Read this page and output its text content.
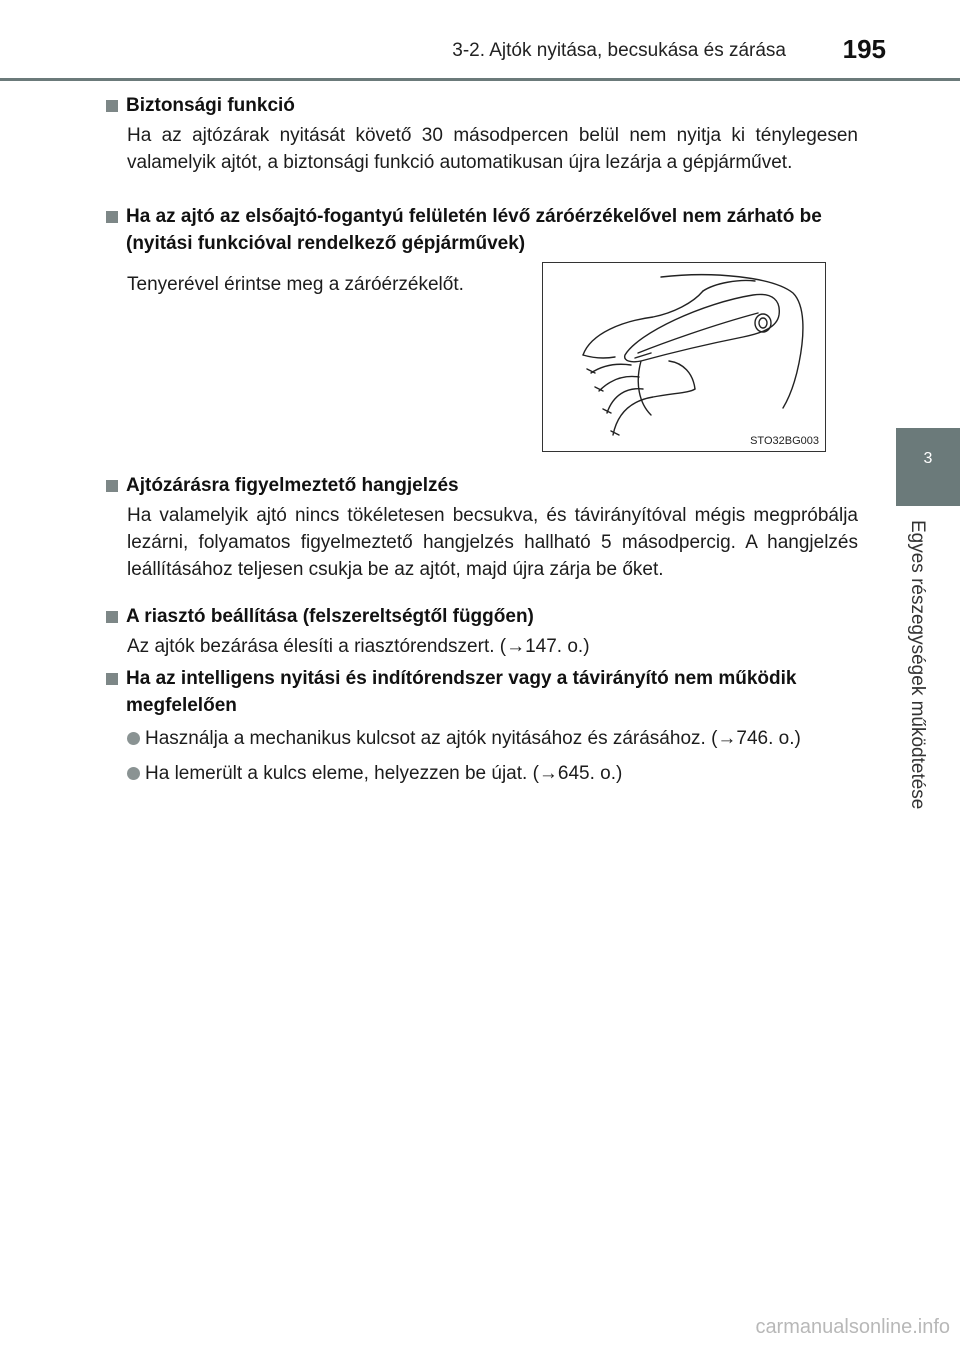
3-2. Ajtók nyitása, becsukása és zárása	195
3
Egyes részegységek működtetése
Biztonsági funkció
Ha az ajtózárak nyitását követő 30 másodpercen belül nem nyitja ki ténylegesen valamelyik ajtót, a biztonsági funkció automatikusan újra lezárja a gépjárművet.
Ha az ajtó az elsőajtó-fogantyú felületén lévő záróérzékelővel nem zárható be (nyitási funkcióval rendelkező gépjárművek)
Tenyerével érintse meg a záróérzékelőt.
STO32BG003
Ajtózárásra figyelmeztető hangjelzés
Ha valamelyik ajtó nincs tökéletesen becsukva, és távirányítóval mégis megpróbálja lezárni, folyamatos figyelmeztető hangjelzés hallható 5 másodpercig. A hangjelzés leállításához teljesen csukja be az ajtót, majd újra zárja be őket.
A riasztó beállítása (felszereltségtől függően)
Az ajtók bezárása élesíti a riasztórendszert. (→147. o.)
Ha az intelligens nyitási és indítórendszer vagy a távirányító nem működik megfelelően
Használja a mechanikus kulcsot az ajtók nyitásához és zárásához. (→746. o.)
Ha lemerült a kulcs eleme, helyezzen be újat. (→645. o.)
carmanualsonline.info
